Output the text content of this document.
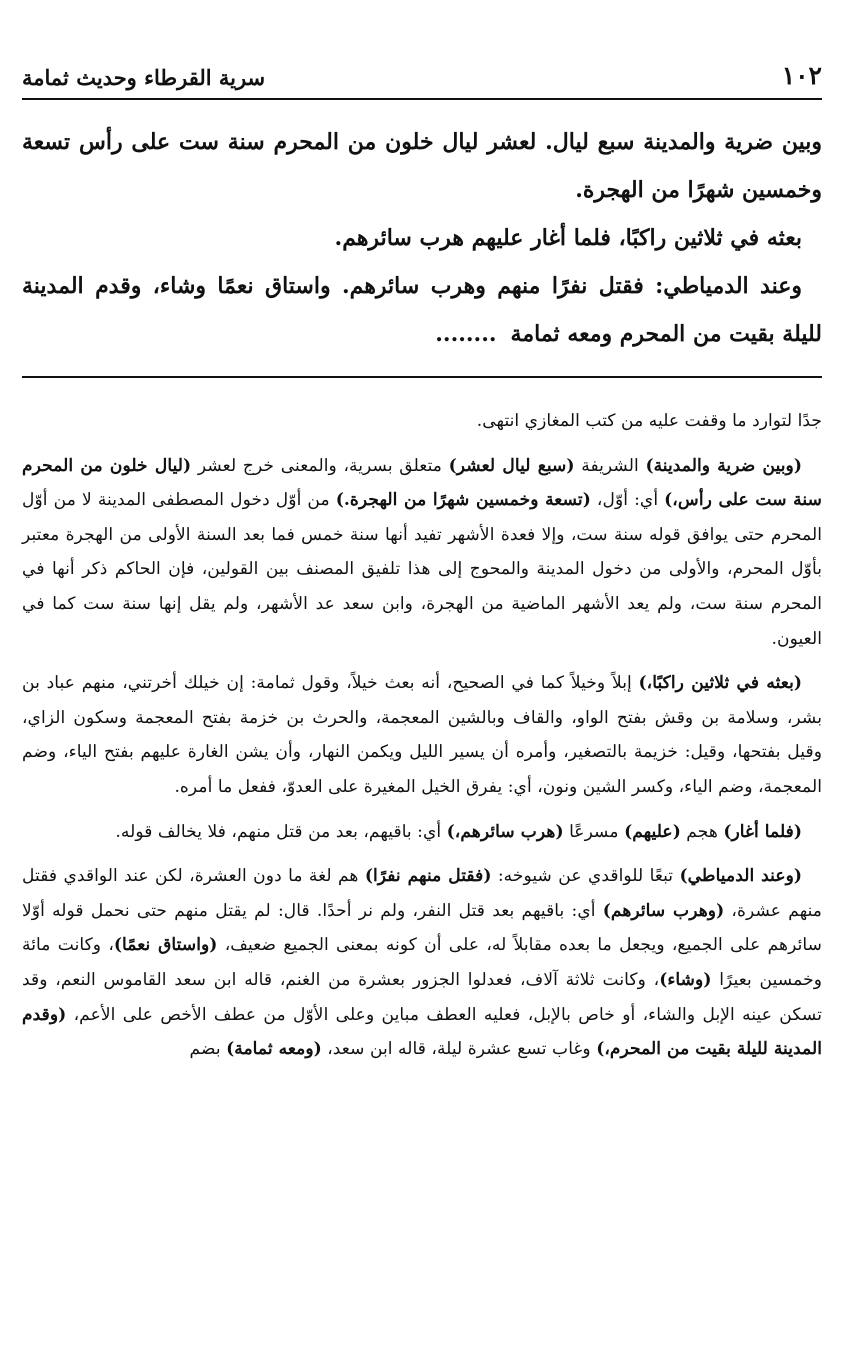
١٠٢
سرية القرطاء وحديث ثمامة

وبين ضرية والمدينة سبع ليال. لعشر ليال خلون من المحرم سنة ست على رأس تسعة وخمسين شهرًا من الهجرة.

بعثه في ثلاثين راكبًا، فلما أغار عليهم هرب سائرهم.

وعند الدمياطي: فقتل نفرًا منهم وهرب سائرهم. واستاق نعمًا وشاء، وقدم المدينة لليلة بقيت من المحرم ومعه ثمامة........

جدًا لتوارد ما وقفت عليه من كتب المغازي انتهى.

(وبين ضرية والمدينة) الشريفة (سبع ليال لعشر) متعلق بسرية، والمعنى خرج لعشر (ليال خلون من المحرم سنة ست على رأس،) أي: أوّل، (تسعة وخمسين شهرًا من الهجرة.) من أوّل دخول المصطفى المدينة لا من أوّل المحرم حتى يوافق قوله سنة ست، وإلا فعدة الأشهر تفيد أنها سنة خمس فما بعد السنة الأولى من الهجرة معتبر بأوّل المحرم، والأولى من دخول المدينة والمحوج إلى هذا تلفيق المصنف بين القولين، فإن الحاكم ذكر أنها في المحرم سنة ست، ولم يعد الأشهر الماضية من الهجرة، وابن سعد عد الأشهر، ولم يقل إنها سنة ست كما في العيون.

(بعثه في ثلاثين راكبًا،) إبلاً وخيلاً كما في الصحيح، أنه بعث خيلاً، وقول ثمامة: إن خيلك أخرتني، منهم عباد بن بشر، وسلامة بن وقش بفتح الواو، والقاف وبالشين المعجمة، والحرث بن خزمة بفتح المعجمة وسكون الزاي، وقيل بفتحها، وقيل: خزيمة بالتصغير، وأمره أن يسير الليل ويكمن النهار، وأن يشن الغارة عليهم بفتح الياء، وضم المعجمة، وضم الياء، وكسر الشين ونون، أي: يفرق الخيل المغيرة على العدوّ، ففعل ما أمره.

(فلما أغار) هجم (عليهم) مسرعًا (هرب سائرهم،) أي: باقيهم، بعد من قتل منهم، فلا يخالف قوله.

(وعند الدمياطي) تبعًا للواقدي عن شيوخه: (فقتل منهم نفرًا) هم لغة ما دون العشرة، لكن عند الواقدي فقتل منهم عشرة، (وهرب سائرهم) أي: باقيهم بعد قتل النفر، ولم نر أحدًا. قال: لم يقتل منهم حتى نحمل قوله أوّلا سائرهم على الجميع، ويجعل ما بعده مقابلاً له، على أن كونه بمعنى الجميع ضعيف، (واستاق نعمًا)، وكانت مائة وخمسين بعيرًا (وشاء)، وكانت ثلاثة آلاف، فعدلوا الجزور بعشرة من الغنم، قاله ابن سعد القاموس النعم، وقد تسكن عينه الإبل والشاء، أو خاص بالإبل، فعليه العطف مباين وعلى الأوّل من عطف الأخص على الأعم، (وقدم المدينة لليلة بقيت من المحرم،) وغاب تسع عشرة ليلة، قاله ابن سعد، (ومعه ثمامة) بضم
